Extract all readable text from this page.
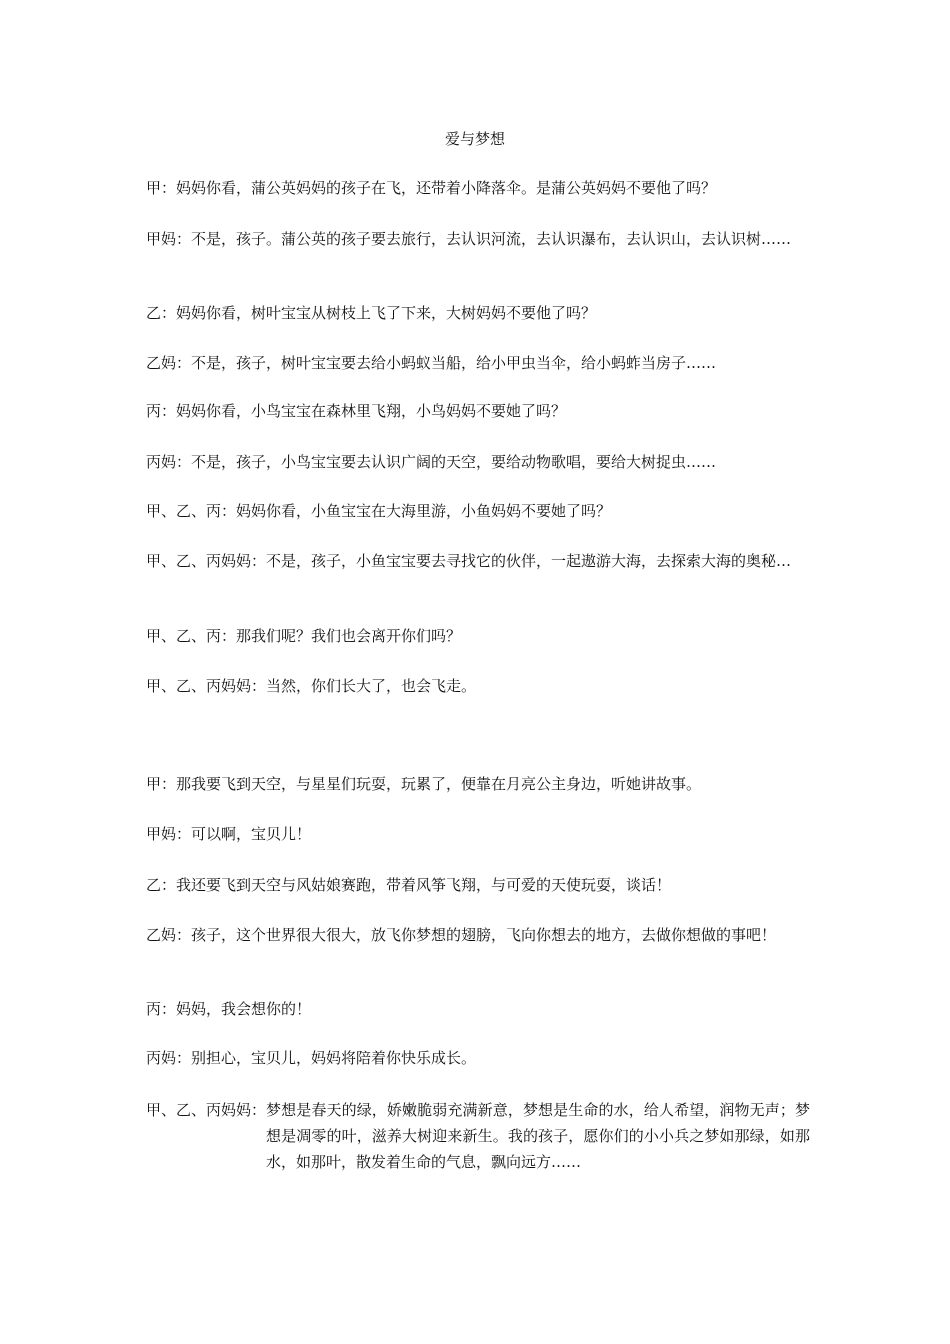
爱与梦想
甲： 妈妈你看，蒲公英妈妈的孩子在飞，还带着小降落伞。是蒲公英妈妈不要他了吗？
甲妈： 不是，孩子。蒲公英的孩子要去旅行，去认识河流，去认识瀑布，去认识山，去认识树……
乙： 妈妈你看，树叶宝宝从树枝上飞了下来，大树妈妈不要他了吗？
乙妈： 不是，孩子，树叶宝宝要去给小蚂蚁当船，给小甲虫当伞，给小蚂蚱当房子……
丙： 妈妈你看，小鸟宝宝在森林里飞翔，小鸟妈妈不要她了吗？
丙妈： 不是，孩子，小鸟宝宝要去认识广阔的天空，要给动物歌唱，要给大树捉虫……
甲、乙、丙： 妈妈你看，小鱼宝宝在大海里游，小鱼妈妈不要她了吗？
甲、乙、丙妈妈： 不是，孩子，小鱼宝宝要去寻找它的伙伴，一起遨游大海，去探索大海的奥秘…
甲、乙、丙： 那我们呢？我们也会离开你们吗？
甲、乙、丙妈妈： 当然，你们长大了，也会飞走。
甲： 那我要飞到天空，与星星们玩耍，玩累了，便靠在月亮公主身边，听她讲故事。
甲妈： 可以啊，宝贝儿！
乙： 我还要飞到天空与风姑娘赛跑，带着风筝飞翔，与可爱的天使玩耍，谈话！
乙妈： 孩子，这个世界很大很大，放飞你梦想的翅膀，飞向你想去的地方，去做你想做的事吧！
丙： 妈妈，我会想你的！
丙妈： 别担心，宝贝儿，妈妈将陪着你快乐成长。
甲、乙、丙妈妈： 梦想是春天的绿，娇嫩脆弱充满新意，梦想是生命的水，给人希望，润物无声；梦想是凋零的叶，滋养大树迎来新生。我的孩子，愿你们的小小兵之梦如那绿，如那水，如那叶，散发着生命的气息，飘向远方……
